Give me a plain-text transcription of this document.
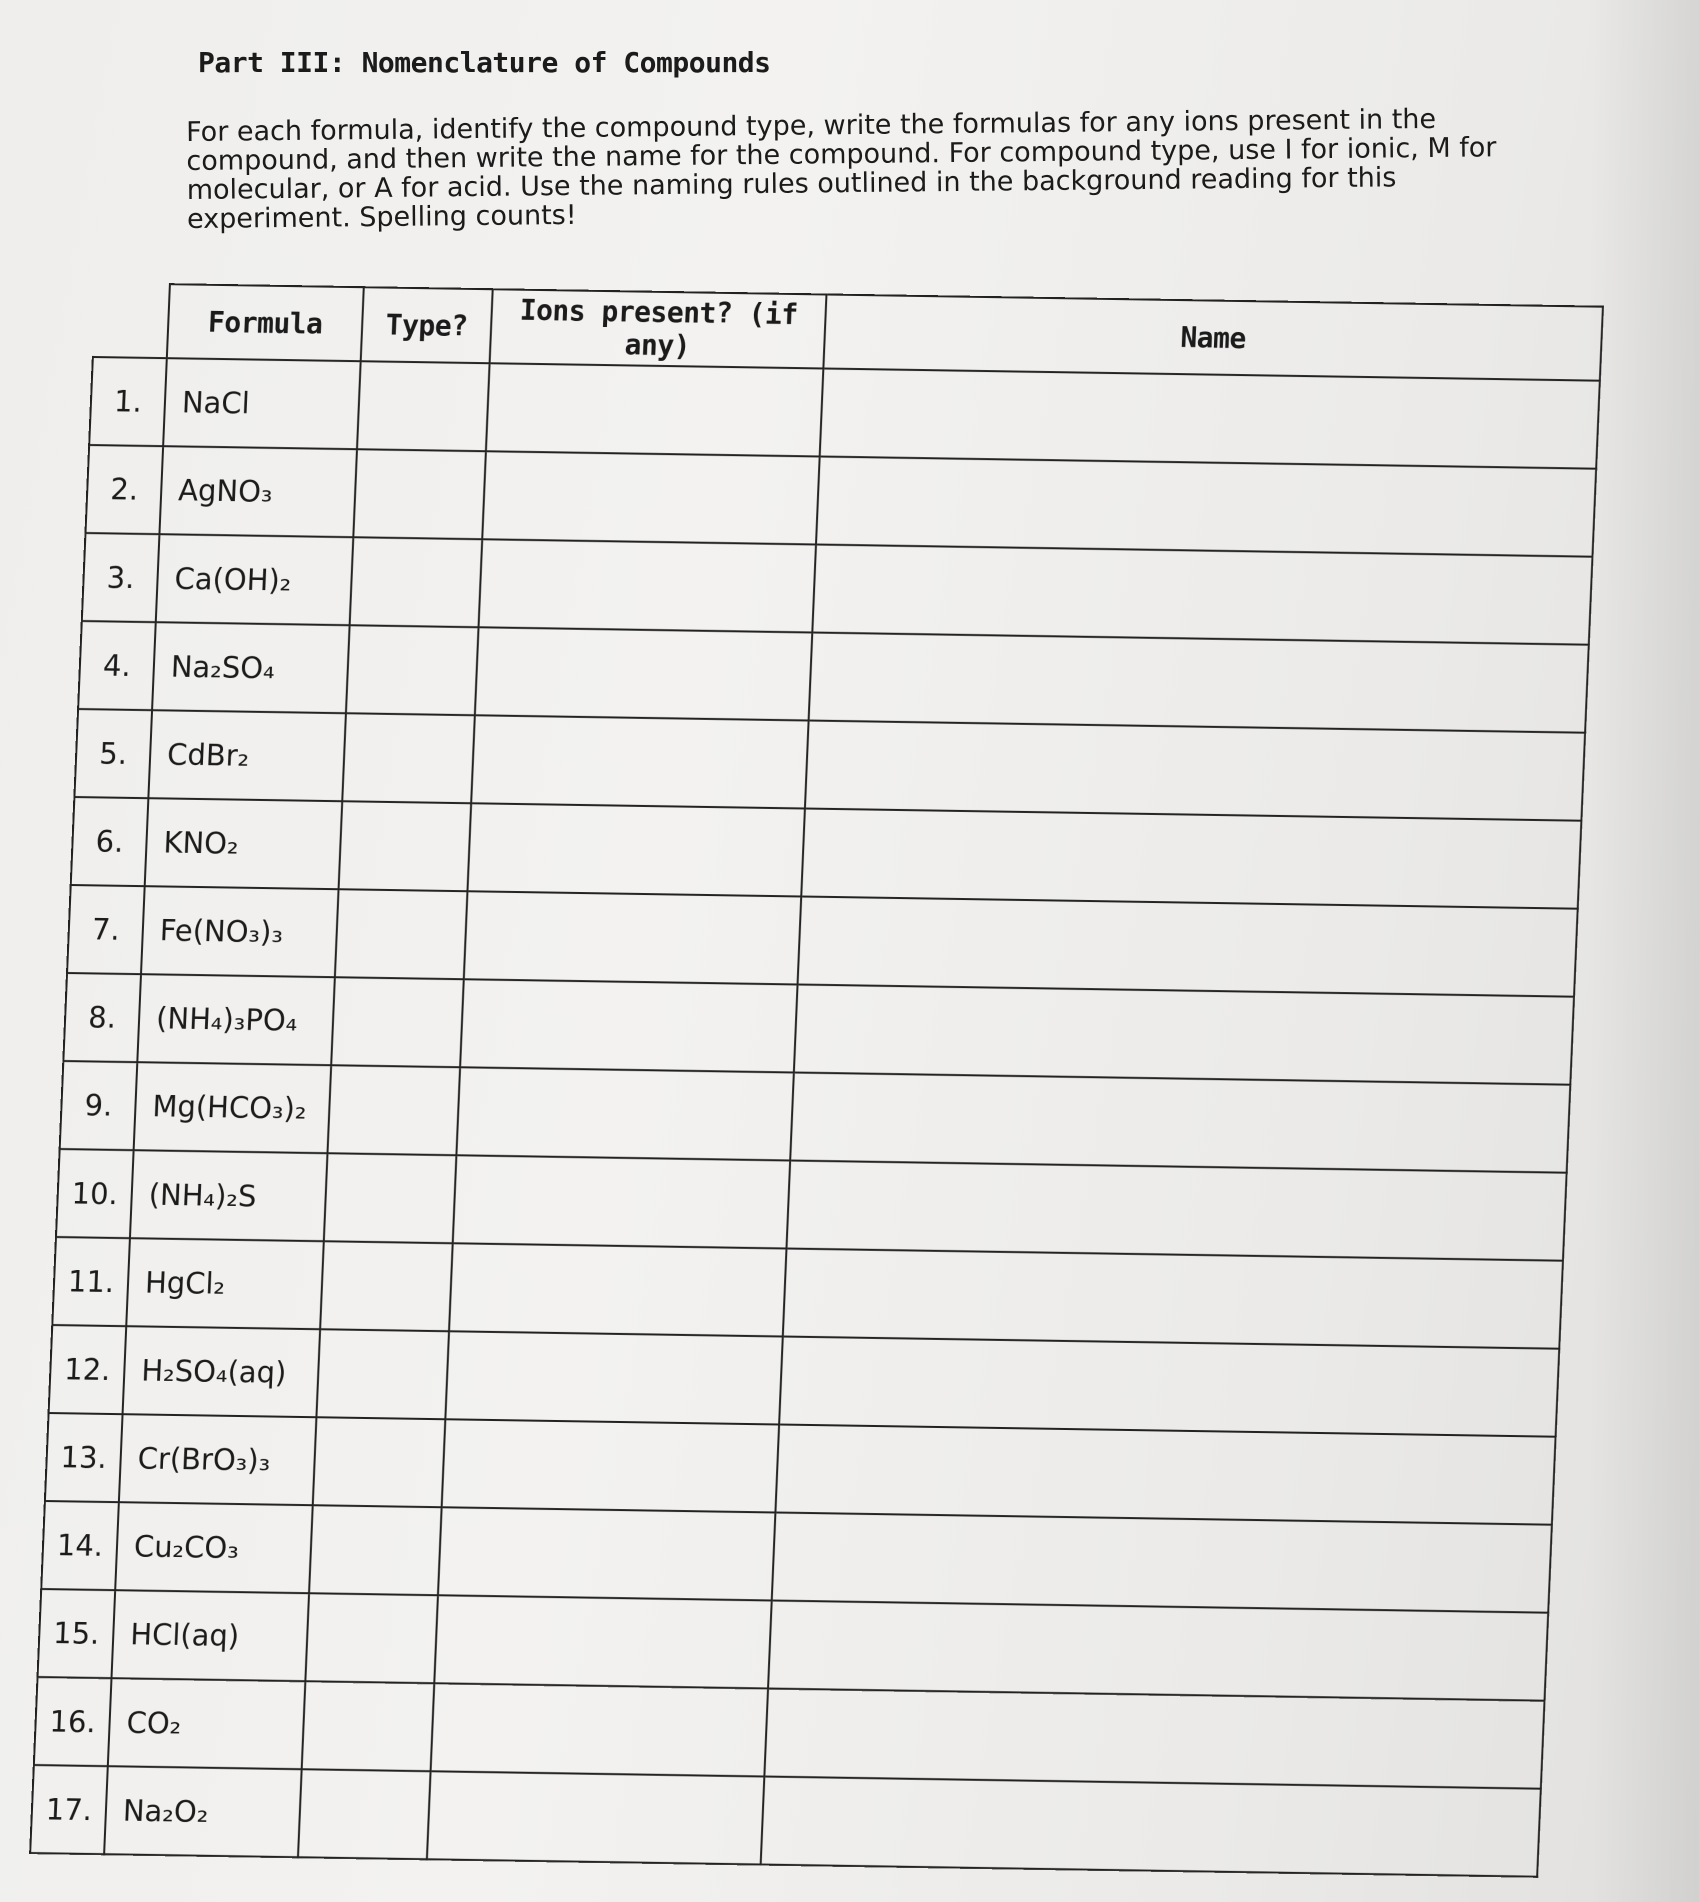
Part III: Nomenclature of Compounds
For each formula, identify the compound type, write the formulas for any ions present in the compound, and then write the name for the compound. For compound type, use I for ionic, M for molecular, or A for acid. Use the naming rules outlined in the background reading for this experiment. Spelling counts!
	Formula	Type?	Ions present? (if any)	Name
1.	NaCl			
2.	AgNO₃			
3.	Ca(OH)₂			
4.	Na₂SO₄			
5.	CdBr₂			
6.	KNO₂			
7.	Fe(NO₃)₃			
8.	(NH₄)₃PO₄			
9.	Mg(HCO₃)₂			
10.	(NH₄)₂S			
11.	HgCl₂			
12.	H₂SO₄(aq)			
13.	Cr(BrO₃)₃			
14.	Cu₂CO₃			
15.	HCl(aq)			
16.	CO₂			
17.	Na₂O₂			
